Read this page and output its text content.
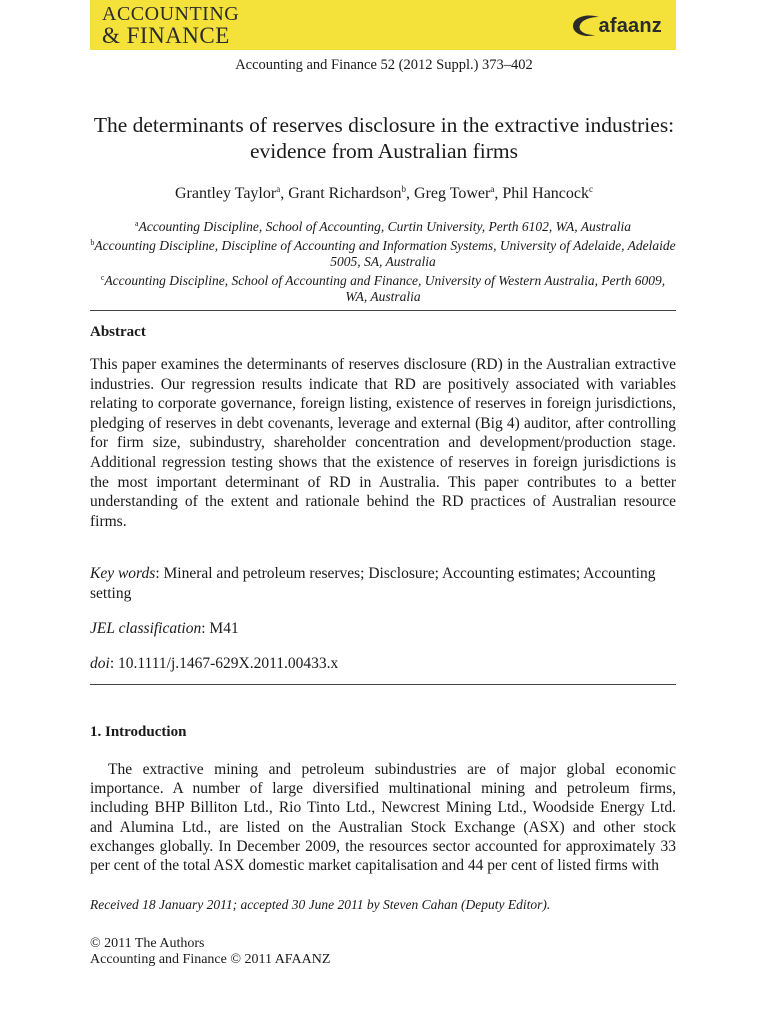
ACCOUNTING
& FINANCE	afaanz
Accounting and Finance 52 (2012 Suppl.) 373–402
The determinants of reserves disclosure in the extractive industries: evidence from Australian firms
Grantley Taylor$^a$, Grant Richardson$^b$, Greg Tower$^a$, Phil Hancock$^c$
$^a$Accounting Discipline, School of Accounting, Curtin University, Perth 6102, WA, Australia
$^b$Accounting Discipline, Discipline of Accounting and Information Systems, University of Adelaide, Adelaide 5005, SA, Australia
$^c$Accounting Discipline, School of Accounting and Finance, University of Western Australia, Perth 6009, WA, Australia
Abstract
This paper examines the determinants of reserves disclosure (RD) in the Australian extractive industries. Our regression results indicate that RD are positively associated with variables relating to corporate governance, foreign listing, existence of reserves in foreign jurisdictions, pledging of reserves in debt covenants, leverage and external (Big 4) auditor, after controlling for firm size, subindustry, shareholder concentration and development/production stage. Additional regression testing shows that the existence of reserves in foreign jurisdictions is the most important determinant of RD in Australia. This paper contributes to a better understanding of the extent and rationale behind the RD practices of Australian resource firms.
Key words: Mineral and petroleum reserves; Disclosure; Accounting estimates; Accounting setting
JEL classification: M41
doi: 10.1111/j.1467-629X.2011.00433.x
1. Introduction
The extractive mining and petroleum subindustries are of major global economic importance. A number of large diversified multinational mining and petroleum firms, including BHP Billiton Ltd., Rio Tinto Ltd., Newcrest Mining Ltd., Woodside Energy Ltd. and Alumina Ltd., are listed on the Australian Stock Exchange (ASX) and other stock exchanges globally. In December 2009, the resources sector accounted for approximately 33 per cent of the total ASX domestic market capitalisation and 44 per cent of listed firms with
Received 18 January 2011; accepted 30 June 2011 by Steven Cahan (Deputy Editor).
© 2011 The Authors
Accounting and Finance © 2011 AFAANZ
